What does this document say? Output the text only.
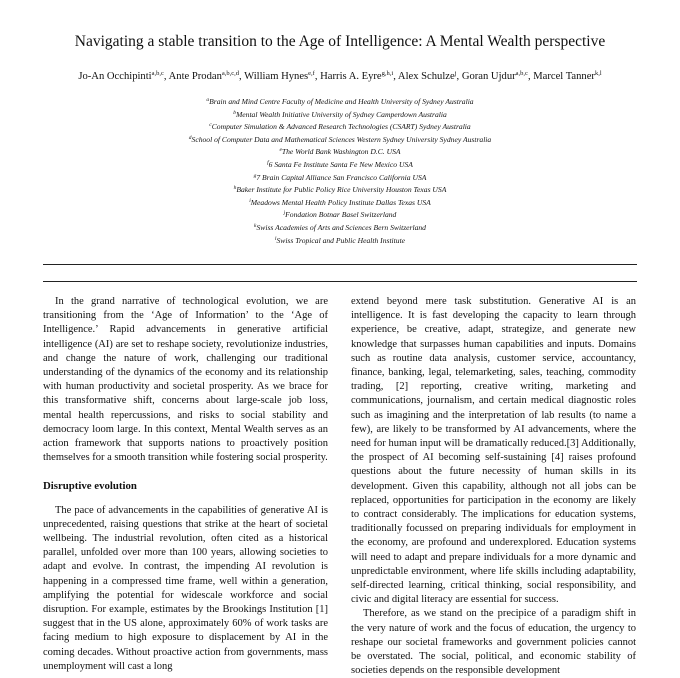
Navigating a stable transition to the Age of Intelligence: A Mental Wealth perspective
Jo-An Occhipinti$^{a,b,c}$, Ante Prodan$^{a,b,c,d}$, William Hynes$^{e,f}$, Harris A. Eyre$^{g,h,i}$, Alex Schulze$^j$, Goran Ujdur$^{a,b,c}$, Marcel Tanner$^{k,l}$
$^a$Brain and Mind Centre Faculty of Medicine and Health University of Sydney Australia
$^b$Mental Wealth Initiative University of Sydney Camperdown Australia
$^c$Computer Simulation & Advanced Research Technologies (CSART) Sydney Australia
$^d$School of Computer Data and Mathematical Sciences Western Sydney University Sydney Australia
$^e$The World Bank Washington D.C. USA
$^f$6 Santa Fe Institute Santa Fe New Mexico USA
$^g$7 Brain Capital Alliance San Francisco California USA
$^h$Baker Institute for Public Policy Rice University Houston Texas USA
$^i$Meadows Mental Health Policy Institute Dallas Texas USA
$^j$Fondation Botnar Basel Switzerland
$^k$Swiss Academies of Arts and Sciences Bern Switzerland
$^l$Swiss Tropical and Public Health Institute

In the grand narrative of technological evolution, we are transitioning from the ‘Age of Information’ to the ‘Age of Intelligence.’ Rapid advancements in generative artificial intelligence (AI) are set to reshape society, revolutionize industries, and change the nature of work, challenging our traditional understanding of the dynamics of the economy and its relationship with human productivity and societal prosperity. As we brace for this transformative shift, concerns about large-scale job loss, mental health repercussions, and risks to social stability and democracy loom large. In this context, Mental Wealth serves as an action framework that supports nations to proactively position themselves for a smooth transition while fostering social prosperity.

Disruptive evolution

The pace of advancements in the capabilities of generative AI is unprecedented, raising questions that strike at the heart of societal wellbeing. The industrial revolution, often cited as a historical parallel, unfolded over more than 100 years, allowing societies to adapt and evolve. In contrast, the impending AI revolution is happening in a compressed time frame, well within a generation, amplifying the potential for widescale workforce and social disruption. For example, estimates by the Brookings Institution [1] suggest that in the US alone, approximately 60% of work tasks are facing medium to high exposure to displacement by AI in the coming decades. Without proactive action from governments, mass unemployment will cast a long

extend beyond mere task substitution. Generative AI is an intelligence. It is fast developing the capacity to learn through experience, be creative, adapt, strategize, and generate new knowledge that surpasses human capabilities and inputs. Domains such as routine data analysis, customer service, accountancy, finance, banking, legal, telemarketing, sales, teaching, commodity trading, [2] reporting, creative writing, marketing and communications, journalism, and certain medical diagnostic roles such as imagining and the interpretation of lab results (to name a few), are likely to be transformed by AI advancements, where the need for human input will be dramatically reduced.[3] Additionally, the prospect of AI becoming self-sustaining [4] raises profound questions about the future necessity of human skills in its development. Given this capability, although not all jobs can be replaced, opportunities for participation in the economy are likely to contract considerably. The implications for education systems, traditionally focussed on preparing individuals for employment in the economy, are profound and underexplored. Education systems will need to adapt and prepare individuals for a more dynamic and unpredictable environment, where life skills including adaptability, self-directed learning, critical thinking, social responsibility, and civic and digital literacy are essential for success.

Therefore, as we stand on the precipice of a paradigm shift in the very nature of work and the focus of education, the urgency to reshape our societal frameworks and government policies cannot be overstated. The social, political, and economic stability of societies depends on the responsible development
